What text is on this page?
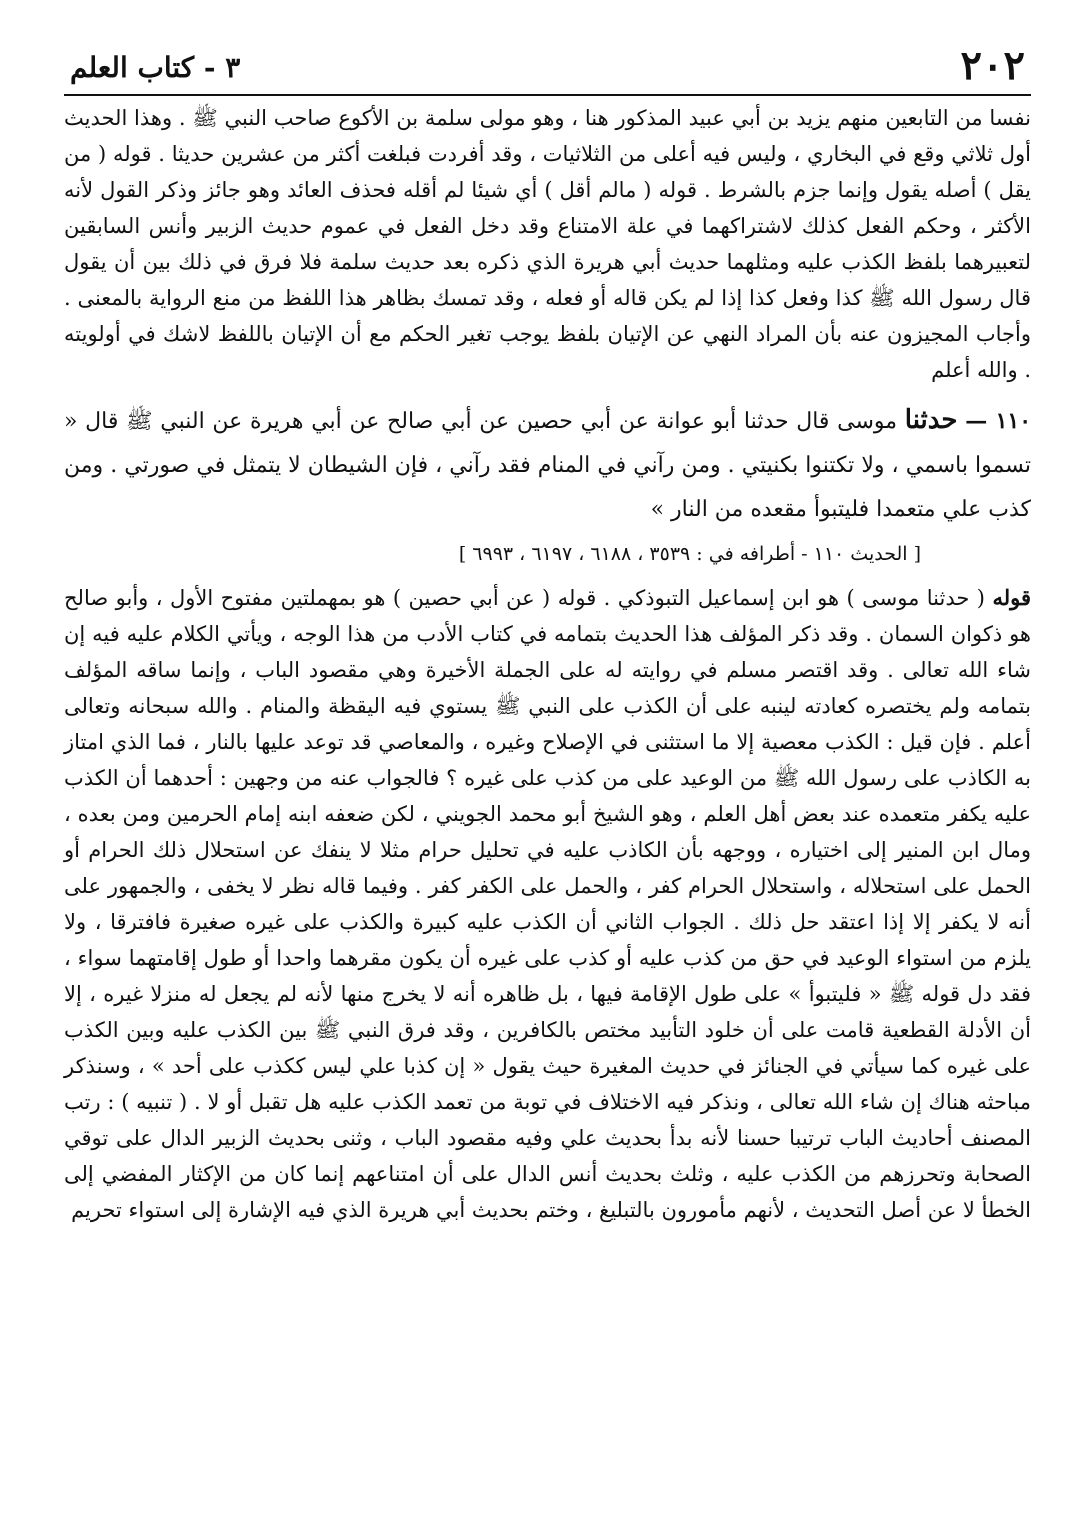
٢٠٢
٣ - كتاب العلم

نفسا من التابعين منهم يزيد بن أبي عبيد المذكور هنا ، وهو مولى سلمة بن الأكوع صاحب النبي ﷺ . وهذا الحديث أول ثلاثي وقع في البخاري ، وليس فيه أعلى من الثلاثيات ، وقد أفردت فبلغت أكثر من عشرين حديثا . قوله ( من يقل ) أصله يقول وإنما جزم بالشرط . قوله ( مالم أقل ) أي شيئا لم أقله فحذف العائد وهو جائز وذكر القول لأنه الأكثر ، وحكم الفعل كذلك لاشتراكهما في علة الامتناع وقد دخل الفعل في عموم حديث الزبير وأنس السابقين لتعبيرهما بلفظ الكذب عليه ومثلهما حديث أبي هريرة الذي ذكره بعد حديث سلمة فلا فرق في ذلك بين أن يقول قال رسول الله ﷺ كذا وفعل كذا إذا لم يكن قاله أو فعله ، وقد تمسك بظاهر هذا اللفظ من منع الرواية بالمعنى . وأجاب المجيزون عنه بأن المراد النهي عن الإتيان بلفظ يوجب تغير الحكم مع أن الإتيان باللفظ لاشك في أولويته . والله أعلم

١١٠ — حدثنا موسى قال حدثنا أبو عوانة عن أبي حصين عن أبي صالح عن أبي هريرة عن النبي ﷺ قال « تسموا باسمي ، ولا تكتنوا بكنيتي . ومن رآني في المنام فقد رآني ، فإن الشيطان لا يتمثل في صورتي . ومن كذب علي متعمدا فليتبوأ مقعده من النار »

[ الحديث ١١٠ - أطرافه في : ٣٥٣٩ ، ٦١٨٨ ، ٦١٩٧ ، ٦٩٩٣ ]

قوله ( حدثنا موسى ) هو ابن إسماعيل التبوذكي . قوله ( عن أبي حصين ) هو بمهملتين مفتوح الأول ، وأبو صالح هو ذكوان السمان . وقد ذكر المؤلف هذا الحديث بتمامه في كتاب الأدب من هذا الوجه ، ويأتي الكلام عليه فيه إن شاء الله تعالى . وقد اقتصر مسلم في روايته له على الجملة الأخيرة وهي مقصود الباب ، وإنما ساقه المؤلف بتمامه ولم يختصره كعادته لينبه على أن الكذب على النبي ﷺ يستوي فيه اليقظة والمنام . والله سبحانه وتعالى أعلم . فإن قيل : الكذب معصية إلا ما استثنى في الإصلاح وغيره ، والمعاصي قد توعد عليها بالنار ، فما الذي امتاز به الكاذب على رسول الله ﷺ من الوعيد على من كذب على غيره ؟ فالجواب عنه من وجهين : أحدهما أن الكذب عليه يكفر متعمده عند بعض أهل العلم ، وهو الشيخ أبو محمد الجويني ، لكن ضعفه ابنه إمام الحرمين ومن بعده ، ومال ابن المنير إلى اختياره ، ووجهه بأن الكاذب عليه في تحليل حرام مثلا لا ينفك عن استحلال ذلك الحرام أو الحمل على استحلاله ، واستحلال الحرام كفر ، والحمل على الكفر كفر . وفيما قاله نظر لا يخفى ، والجمهور على أنه لا يكفر إلا إذا اعتقد حل ذلك . الجواب الثاني أن الكذب عليه كبيرة والكذب على غيره صغيرة فافترقا ، ولا يلزم من استواء الوعيد في حق من كذب عليه أو كذب على غيره أن يكون مقرهما واحدا أو طول إقامتهما سواء ، فقد دل قوله ﷺ « فليتبوأ » على طول الإقامة فيها ، بل ظاهره أنه لا يخرج منها لأنه لم يجعل له منزلا غيره ، إلا أن الأدلة القطعية قامت على أن خلود التأبيد مختص بالكافرين ، وقد فرق النبي ﷺ بين الكذب عليه وبين الكذب على غيره كما سيأتي في الجنائز في حديث المغيرة حيث يقول « إن كذبا علي ليس ككذب على أحد » ، وسنذكر مباحثه هناك إن شاء الله تعالى ، ونذكر فيه الاختلاف في توبة من تعمد الكذب عليه هل تقبل أو لا . ( تنبيه ) : رتب المصنف أحاديث الباب ترتيبا حسنا لأنه بدأ بحديث علي وفيه مقصود الباب ، وثنى بحديث الزبير الدال على توقي الصحابة وتحرزهم من الكذب عليه ، وثلث بحديث أنس الدال على أن امتناعهم إنما كان من الإكثار المفضي إلى الخطأ لا عن أصل التحديث ، لأنهم مأمورون بالتبليغ ، وختم بحديث أبي هريرة الذي فيه الإشارة إلى استواء تحريم
